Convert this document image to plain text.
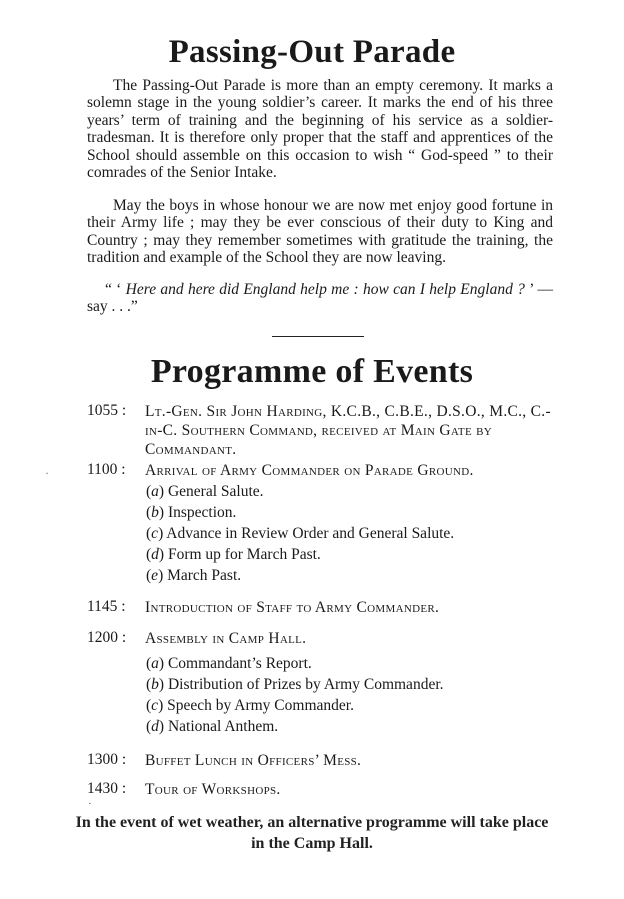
Passing-Out Parade
The Passing-Out Parade is more than an empty ceremony. It marks a solemn stage in the young soldier’s career. It marks the end of his three years’ term of training and the beginning of his service as a soldier-tradesman. It is therefore only proper that the staff and apprentices of the School should assemble on this occasion to wish “ God-speed ” to their comrades of the Senior Intake.
May the boys in whose honour we are now met enjoy good fortune in their Army life ; may they be ever conscious of their duty to King and Country ; may they remember sometimes with gratitude the training, the tradition and example of the School they are now leaving.
“ ‘ Here and here did England help me : how can I help England ? ’ — say . . .”
Programme of Events
·
·
1055 :	Lt.-Gen. Sir John Harding, K.C.B., C.B.E., D.S.O., M.C., C.-in-C. Southern Command, received at Main Gate by Commandant.
1100 :	Arrival of Army Commander on Parade Ground.
(a) General Salute.
(b) Inspection.
(c) Advance in Review Order and General Salute.
(d) Form up for March Past.
(e) March Past.
1145 :	Introduction of Staff to Army Commander.
1200 :	Assembly in Camp Hall.
(a) Commandant’s Report.
(b) Distribution of Prizes by Army Commander.
(c) Speech by Army Commander.
(d) National Anthem.
1300 :	Buffet Lunch in Officers’ Mess.
1430 :	Tour of Workshops.
In the event of wet weather, an alternative programme will take place in the Camp Hall.
